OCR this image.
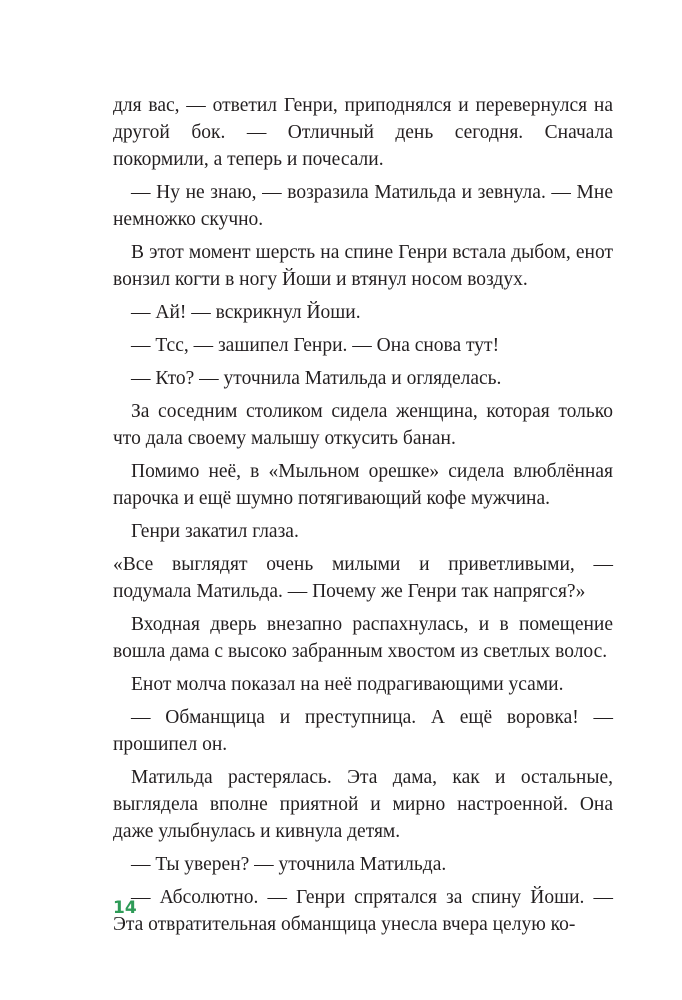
для вас, — ответил Генри, приподнялся и перевернулся на другой бок. — Отличный день сегодня. Сначала покормили, а теперь и почесали.

— Ну не знаю, — возразила Матильда и зевнула. — Мне немножко скучно.

В этот момент шерсть на спине Генри встала дыбом, енот вонзил когти в ногу Йоши и втянул носом воздух.

— Ай! — вскрикнул Йоши.

— Тсс, — зашипел Генри. — Она снова тут!

— Кто? — уточнила Матильда и огляделась.

За соседним столиком сидела женщина, которая только что дала своему малышу откусить банан.

Помимо неё, в «Мыльном орешке» сидела влюблённая парочка и ещё шумно потягивающий кофе мужчина.

Генри закатил глаза.

«Все выглядят очень милыми и приветливыми, — подумала Матильда. — Почему же Генри так напрягся?»

Входная дверь внезапно распахнулась, и в помещение вошла дама с высоко забранным хвостом из светлых волос.

Енот молча показал на неё подрагивающими усами.

— Обманщица и преступница. А ещё воровка! — прошипел он.

Матильда растерялась. Эта дама, как и остальные, выглядела вполне приятной и мирно настроенной. Она даже улыбнулась и кивнула детям.

— Ты уверен? — уточнила Матильда.

— Абсолютно. — Генри спрятался за спину Йоши. — Эта отвратительная обманщица унесла вчера целую ко-

14
